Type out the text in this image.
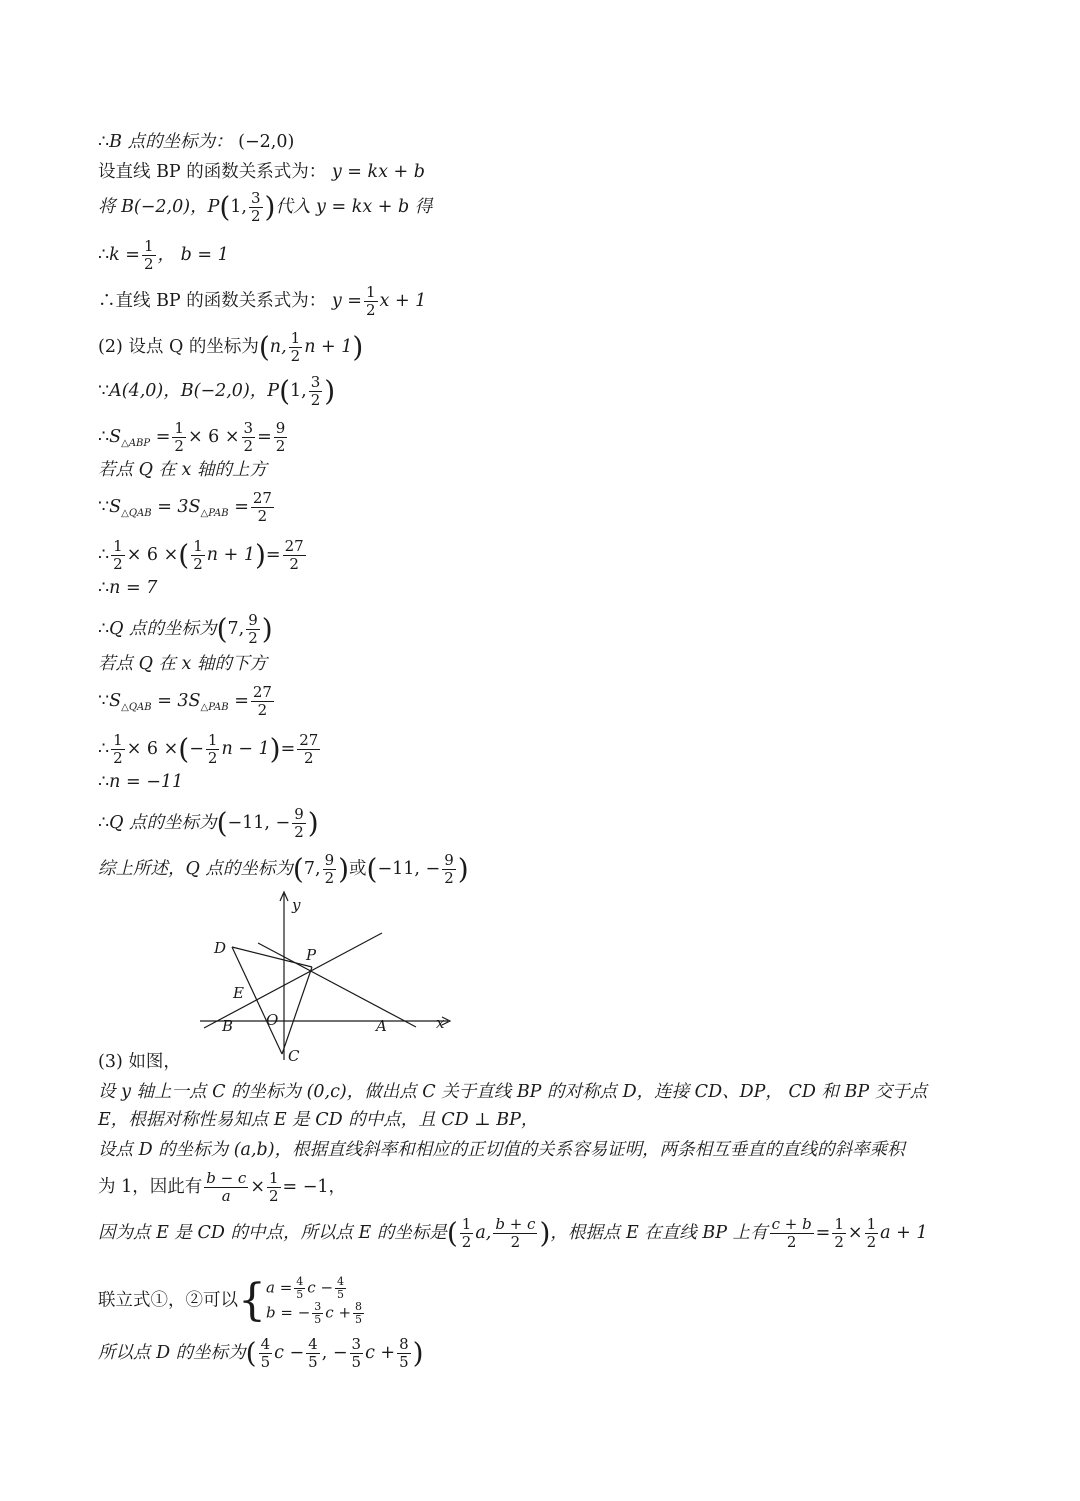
∴B 点的坐标为： (−2,0)
设直线 BP 的函数关系式为： y = kx + b
将 B(−2,0)，P(1, $\frac{3}{2}$ )代入 y = kx + b 得
∴k = $\frac{1}{2}$ ， b = 1
∴直线 BP 的函数关系式为： $y = \frac{1}{2}$ x + 1
(2) 设点 Q 的坐标为(n, $\frac{1}{2}$ n + 1)
∵A(4,0)，B(−2,0)，P(1, $\frac{3}{2}$ )
$\therefore S_{\triangle ABP} = \frac{1}{2} \times 6 \times \frac{3}{2} = \frac{9}{2}$
若点 Q 在 x 轴的上方
$\because S_{\triangle QAB} = 3S_{\triangle PAB} = \frac{27}{2}$
∴ $\frac{1}{2} \times 6$ ×( $\frac{1}{2}$ $n + 1)= \frac{27}{2}$
∴n = 7
∴Q 点的坐标为(7, $\frac{9}{2}$ )
若点 Q 在 x 轴的下方
$\because S_{\triangle QAB} = 3S_{\triangle PAB} = \frac{27}{2}$
∴ $\frac{1}{2} \times 6$ ×(− $\frac{1}{2}$ $n - 1)= \frac{27}{2}$
∴n = −11
∴Q 点的坐标为(−11, − $\frac{9}{2}$ )
综上所述，Q 点的坐标为(7, $\frac{9}{2}$ )或(−11, − $\frac{9}{2}$ )
(3) 如图，
设 y 轴上一点 C 的坐标为 (0,c)，做出点 C 关于直线 BP 的对称点 D，连接 CD、DP， CD 和 BP 交于点
E，根据对称性易知点 E 是 CD 的中点，且 CD ⊥ BP，
设点 D 的坐标为 (a,b)，根据直线斜率和相应的正切值的关系容易证明，两条相互垂直的直线的斜率乘积
为 1，因此有 $\frac{b - c}{a} \times \frac{1}{2} = -1$，
因为点 E 是 CD 的中点，所以点 E 的坐标是( $\frac{1}{2} a$, $\frac{b + c}{2}$ )，根据点 E 在直线 BP 上有 $\frac{c + b}{2} = \frac{1}{2} \times \frac{1}{2}$ a + 1
联立式①，②可以{ $a = \frac{4}{5}$ $c - \frac{4}{5}$
b = − $\frac{3}{5}$ $c + \frac{8}{5}$
所以点 D 的坐标为( $\frac{4}{5}$ $c - \frac{4}{5}$ , − $\frac{3}{5}$ $c + \frac{8}{5}$ )
y
x
D	P
E
B O	A
C
